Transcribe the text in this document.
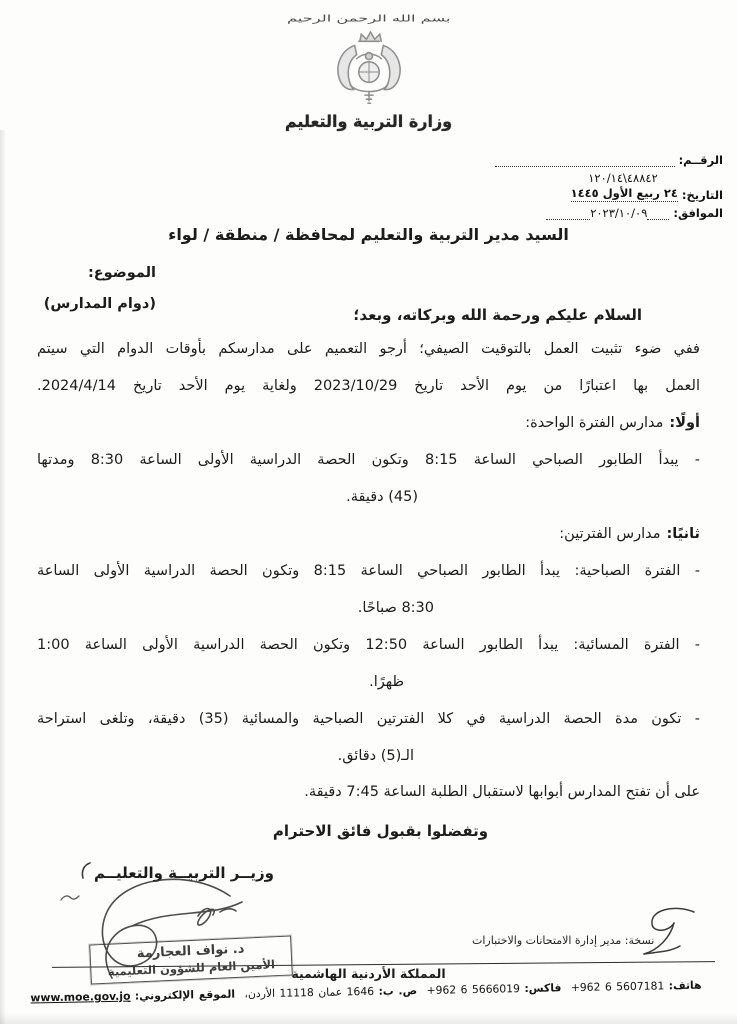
بسم الله الرحمن الرحيم
وزارة التربية والتعليم
الرقــم:
٤٨٨٤٢\١٢٠/١٤
التاريخ:
٢٤ ربيع الأول ١٤٤٥
الموافق:
٢٠٢٣/١٠/٠٩
السيد مدير التربية والتعليم لمحافظة / منطقة / لواء
الموضوع:
(دوام المدارس)
السلام عليكم ورحمة الله وبركاته، وبعد؛
ففي ضوء تثبيت العمل بالتوقيت الصيفي؛ أرجو التعميم على مدارسكم بأوقات الدوام التي سيتم
العمل بها اعتبارًا من يوم الأحد تاريخ 2023/10/29 ولغاية يوم الأحد تاريخ 2024/4/14.
أولًا:مدارس الفترة الواحدة:
- يبدأ الطابور الصباحي الساعة 8:15 وتكون الحصة الدراسية الأولى الساعة 8:30 ومدتها
(45) دقيقة.
ثانيًا:مدارس الفترتين:
- الفترة الصباحية: يبدأ الطابور الصباحي الساعة 8:15 وتكون الحصة الدراسية الأولى الساعة
8:30 صباحًا.
- الفترة المسائية: يبدأ الطابور الساعة 12:50 وتكون الحصة الدراسية الأولى الساعة 1:00
ظهرًا.
- تكون مدة الحصة الدراسية في كلا الفترتين الصباحية والمسائية (35) دقيقة، وتلغى استراحة
الـ(5) دقائق.
على أن تفتح المدارس أبوابها لاستقبال الطلبة الساعة 7:45 دقيقة.
وتفضلوا بقبول فائق الاحترام
وزيــر التربيــة والتعليــم
د. نواف العجارمة
الأمين العام للشؤون التعليمية
نسخة: مدير إدارة الامتحانات والاختبارات
المملكة الأردنية الهاشمية
هاتف: +962 6 5607181 فاكس: +962 6 5666019 ص. ب: 1646 عمان 11118 الأردن، الموقع الإلكتروني: www.moe.gov.jo
